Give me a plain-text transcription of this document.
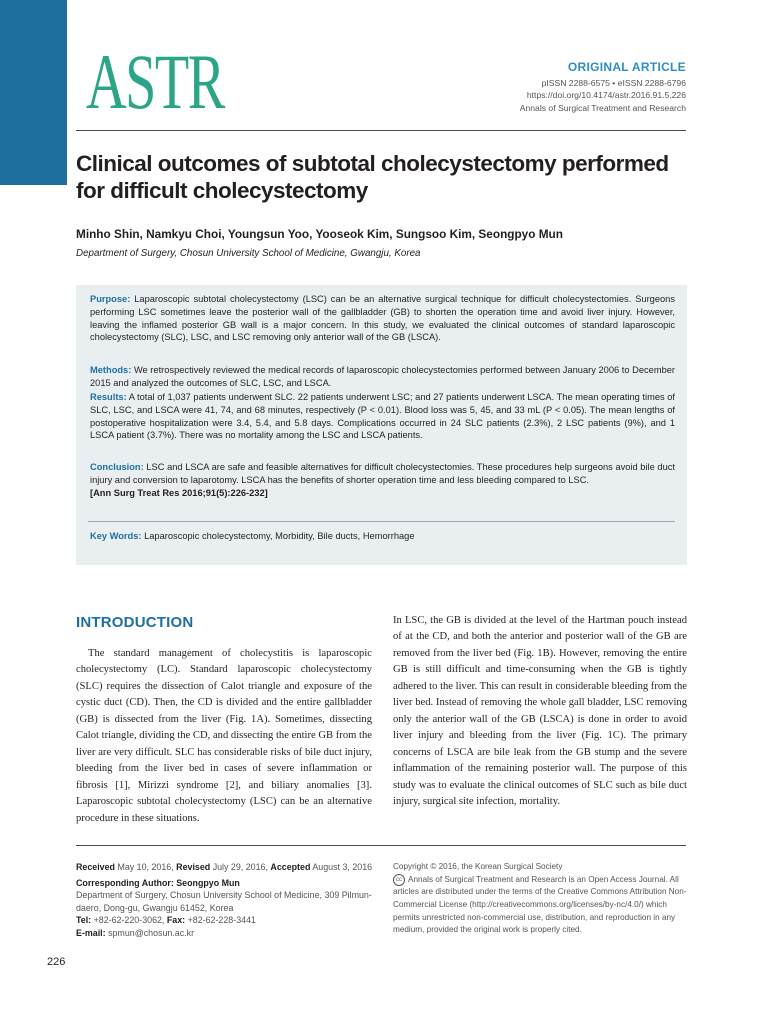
ASTR	ORIGINAL ARTICLE
pISSN 2288-6575 • eISSN 2288-6796
https://doi.org/10.4174/astr.2016.91.5.226
Annals of Surgical Treatment and Research
Clinical outcomes of subtotal cholecystectomy performed for difficult cholecystectomy
Minho Shin, Namkyu Choi, Youngsun Yoo, Yooseok Kim, Sungsoo Kim, Seongpyo Mun
Department of Surgery, Chosun University School of Medicine, Gwangju, Korea
Purpose: Laparoscopic subtotal cholecystectomy (LSC) can be an alternative surgical technique for difficult cholecystectomies. Surgeons performing LSC sometimes leave the posterior wall of the gallbladder (GB) to shorten the operation time and avoid liver injury. However, leaving the inflamed posterior GB wall is a major concern. In this study, we evaluated the clinical outcomes of standard laparoscopic cholecystectomy (SLC), LSC, and LSC removing only anterior wall of the GB (LSCA).
Methods: We retrospectively reviewed the medical records of laparoscopic cholecystectomies performed between January 2006 to December 2015 and analyzed the outcomes of SLC, LSC, and LSCA.
Results: A total of 1,037 patients underwent SLC. 22 patients underwent LSC; and 27 patients underwent LSCA. The mean operating times of SLC, LSC, and LSCA were 41, 74, and 68 minutes, respectively (P < 0.01). Blood loss was 5, 45, and 33 mL (P < 0.05). The mean lengths of postoperative hospitalization were 3.4, 5.4, and 5.8 days. Complications occurred in 24 SLC patients (2.3%), 2 LSC patients (9%), and 1 LSCA patient (3.7%). There was no mortality among the LSC and LSCA patients.
Conclusion: LSC and LSCA are safe and feasible alternatives for difficult cholecystectomies. These procedures help surgeons avoid bile duct injury and conversion to laparotomy. LSCA has the benefits of shorter operation time and less bleeding compared to LSC.
[Ann Surg Treat Res 2016;91(5):226-232]
Key Words: Laparoscopic cholecystectomy, Morbidity, Bile ducts, Hemorrhage
INTRODUCTION
The standard management of cholecystitis is laparoscopic cholecystectomy (LC). Standard laparoscopic cholecystectomy (SLC) requires the dissection of Calot triangle and exposure of the cystic duct (CD). Then, the CD is divided and the entire gallbladder (GB) is dissected from the liver (Fig. 1A). Sometimes, dissecting Calot triangle, dividing the CD, and dissecting the entire GB from the liver are very difficult. SLC has considerable risks of bile duct injury, bleeding from the liver bed in cases of severe inflammation or fibrosis [1], Mirizzi syndrome [2], and biliary anomalies [3]. Laparoscopic subtotal cholecystectomy (LSC) can be an alternative procedure in these situations.
In LSC, the GB is divided at the level of the Hartman pouch instead of at the CD, and both the anterior and posterior wall of the GB are removed from the liver bed (Fig. 1B). However, removing the entire GB is still difficult and time-consuming when the GB is tightly adhered to the liver. This can result in considerable bleeding from the liver bed. Instead of removing the whole gall bladder, LSC removing only the anterior wall of the GB (LSCA) is done in order to avoid liver injury and bleeding from the liver (Fig. 1C). The primary concerns of LSCA are bile leak from the GB stump and the severe inflammation of the remaining posterior wall. The purpose of this study was to evaluate the clinical outcomes of SLC such as bile duct injury, surgical site infection, mortality.
Received May 10, 2016, Revised July 29, 2016, Accepted August 3, 2016
Corresponding Author: Seongpyo Mun
Department of Surgery, Chosun University School of Medicine, 309 Pilmun-daero, Dong-gu, Gwangju 61452, Korea
Tel: +82-62-220-3062, Fax: +82-62-228-3441
E-mail: spmun@chosun.ac.kr
Copyright © 2016, the Korean Surgical Society
cc Annals of Surgical Treatment and Research is an Open Access Journal. All articles are distributed under the terms of the Creative Commons Attribution Non-Commercial License (http://creativecommons.org/licenses/by-nc/4.0/) which permits unrestricted non-commercial use, distribution, and reproduction in any medium, provided the original work is properly cited.
226
